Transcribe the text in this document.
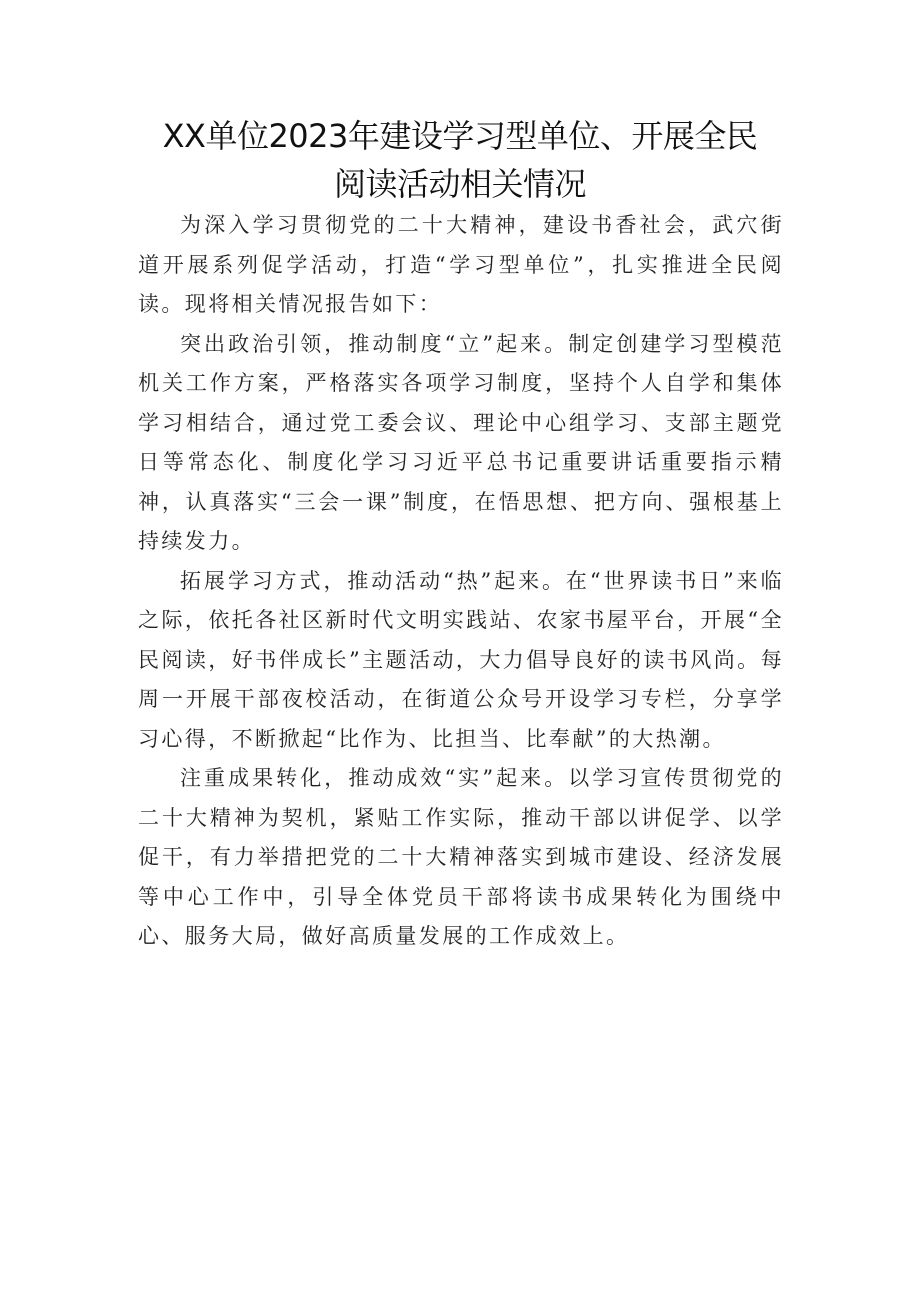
XX单位2023年建设学习型单位、开展全民
阅读活动相关情况

为深入学习贯彻党的二十大精神，建设书香社会，武穴街道开展系列促学活动，打造“学习型单位”，扎实推进全民阅读。现将相关情况报告如下：

突出政治引领，推动制度“立”起来。制定创建学习型模范机关工作方案，严格落实各项学习制度，坚持个人自学和集体学习相结合，通过党工委会议、理论中心组学习、支部主题党日等常态化、制度化学习习近平总书记重要讲话重要指示精神，认真落实“三会一课”制度，在悟思想、把方向、强根基上持续发力。

拓展学习方式，推动活动“热”起来。在“世界读书日”来临之际，依托各社区新时代文明实践站、农家书屋平台，开展“全民阅读，好书伴成长”主题活动，大力倡导良好的读书风尚。每周一开展干部夜校活动，在街道公众号开设学习专栏，分享学习心得，不断掀起“比作为、比担当、比奉献”的大热潮。

注重成果转化，推动成效“实”起来。以学习宣传贯彻党的二十大精神为契机，紧贴工作实际，推动干部以讲促学、以学促干，有力举措把党的二十大精神落实到城市建设、经济发展等中心工作中，引导全体党员干部将读书成果转化为围绕中心、服务大局，做好高质量发展的工作成效上。
